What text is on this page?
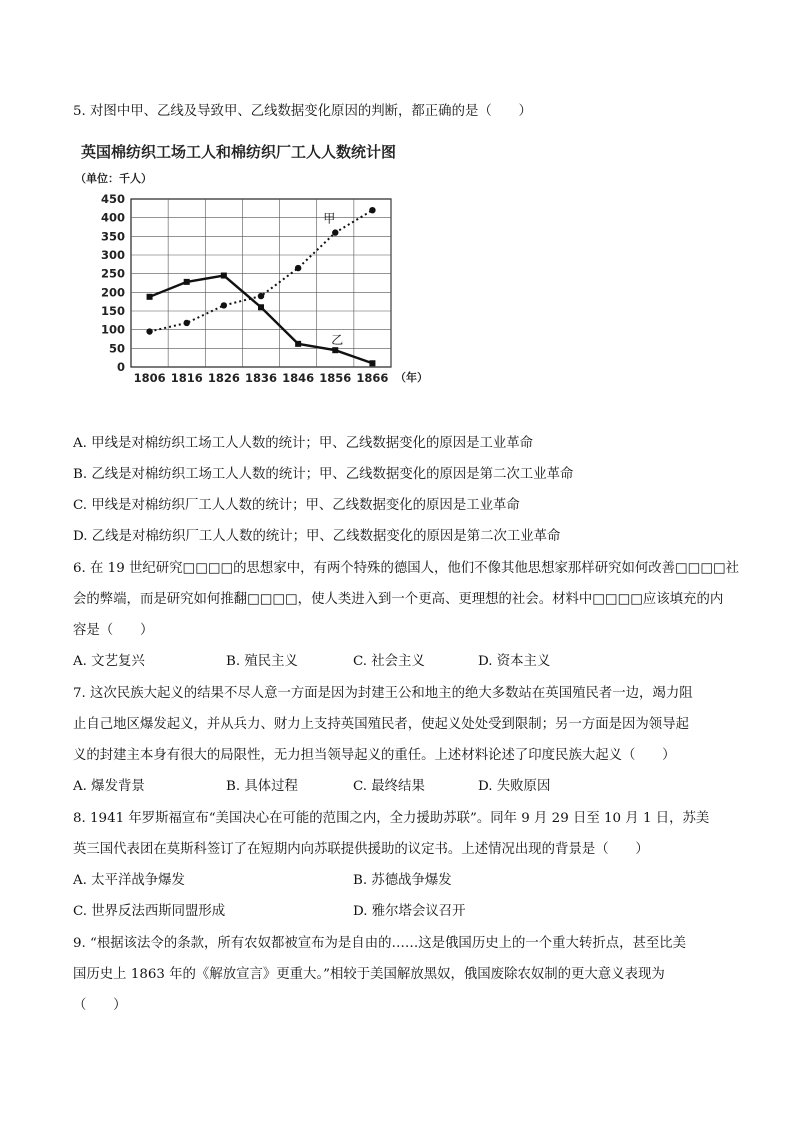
5. 对图中甲、乙线及导致甲、乙线数据变化原因的判断，都正确的是（　　）
英国棉纺织工场工人和棉纺织厂工人人数统计图
（单位：千人）
0
50
100
150
200
250
300
350
400
450
1806 1816 1826 1836 1846 1856 1866
甲
乙
（年）
A. 甲线是对棉纺织工场工人人数的统计；甲、乙线数据变化的原因是工业革命
B. 乙线是对棉纺织工场工人人数的统计；甲、乙线数据变化的原因是第二次工业革命
C. 甲线是对棉纺织厂工人人数的统计；甲、乙线数据变化的原因是工业革命
D. 乙线是对棉纺织厂工人人数的统计；甲、乙线数据变化的原因是第二次工业革命
6. 在 19 世纪研究□□□□的思想家中，有两个特殊的德国人，他们不像其他思想家那样研究如何改善□□□□社
会的弊端，而是研究如何推翻□□□□，使人类进入到一个更高、更理想的社会。材料中□□□□应该填充的内
容是（　　）
A. 文艺复兴	B. 殖民主义	C. 社会主义	D. 资本主义
7. 这次民族大起义的结果不尽人意一方面是因为封建王公和地主的绝大多数站在英国殖民者一边，竭力阻
止自己地区爆发起义，并从兵力、财力上支持英国殖民者，使起义处处受到限制；另一方面是因为领导起
义的封建主本身有很大的局限性，无力担当领导起义的重任。上述材料论述了印度民族大起义（　　）
A. 爆发背景	B. 具体过程	C. 最终结果	D. 失败原因
8. 1941 年罗斯福宣布“美国决心在可能的范围之内，全力援助苏联”。同年 9 月 29 日至 10 月 1 日，苏美
英三国代表团在莫斯科签订了在短期内向苏联提供援助的议定书。上述情况出现的背景是（　　）
A. 太平洋战争爆发	B. 苏德战争爆发
C. 世界反法西斯同盟形成	D. 雅尔塔会议召开
9. “根据该法令的条款，所有农奴都被宣布为是自由的……这是俄国历史上的一个重大转折点，甚至比美
国历史上 1863 年的《解放宣言》更重大。”相较于美国解放黑奴，俄国废除农奴制的更大意义表现为
（　　）
